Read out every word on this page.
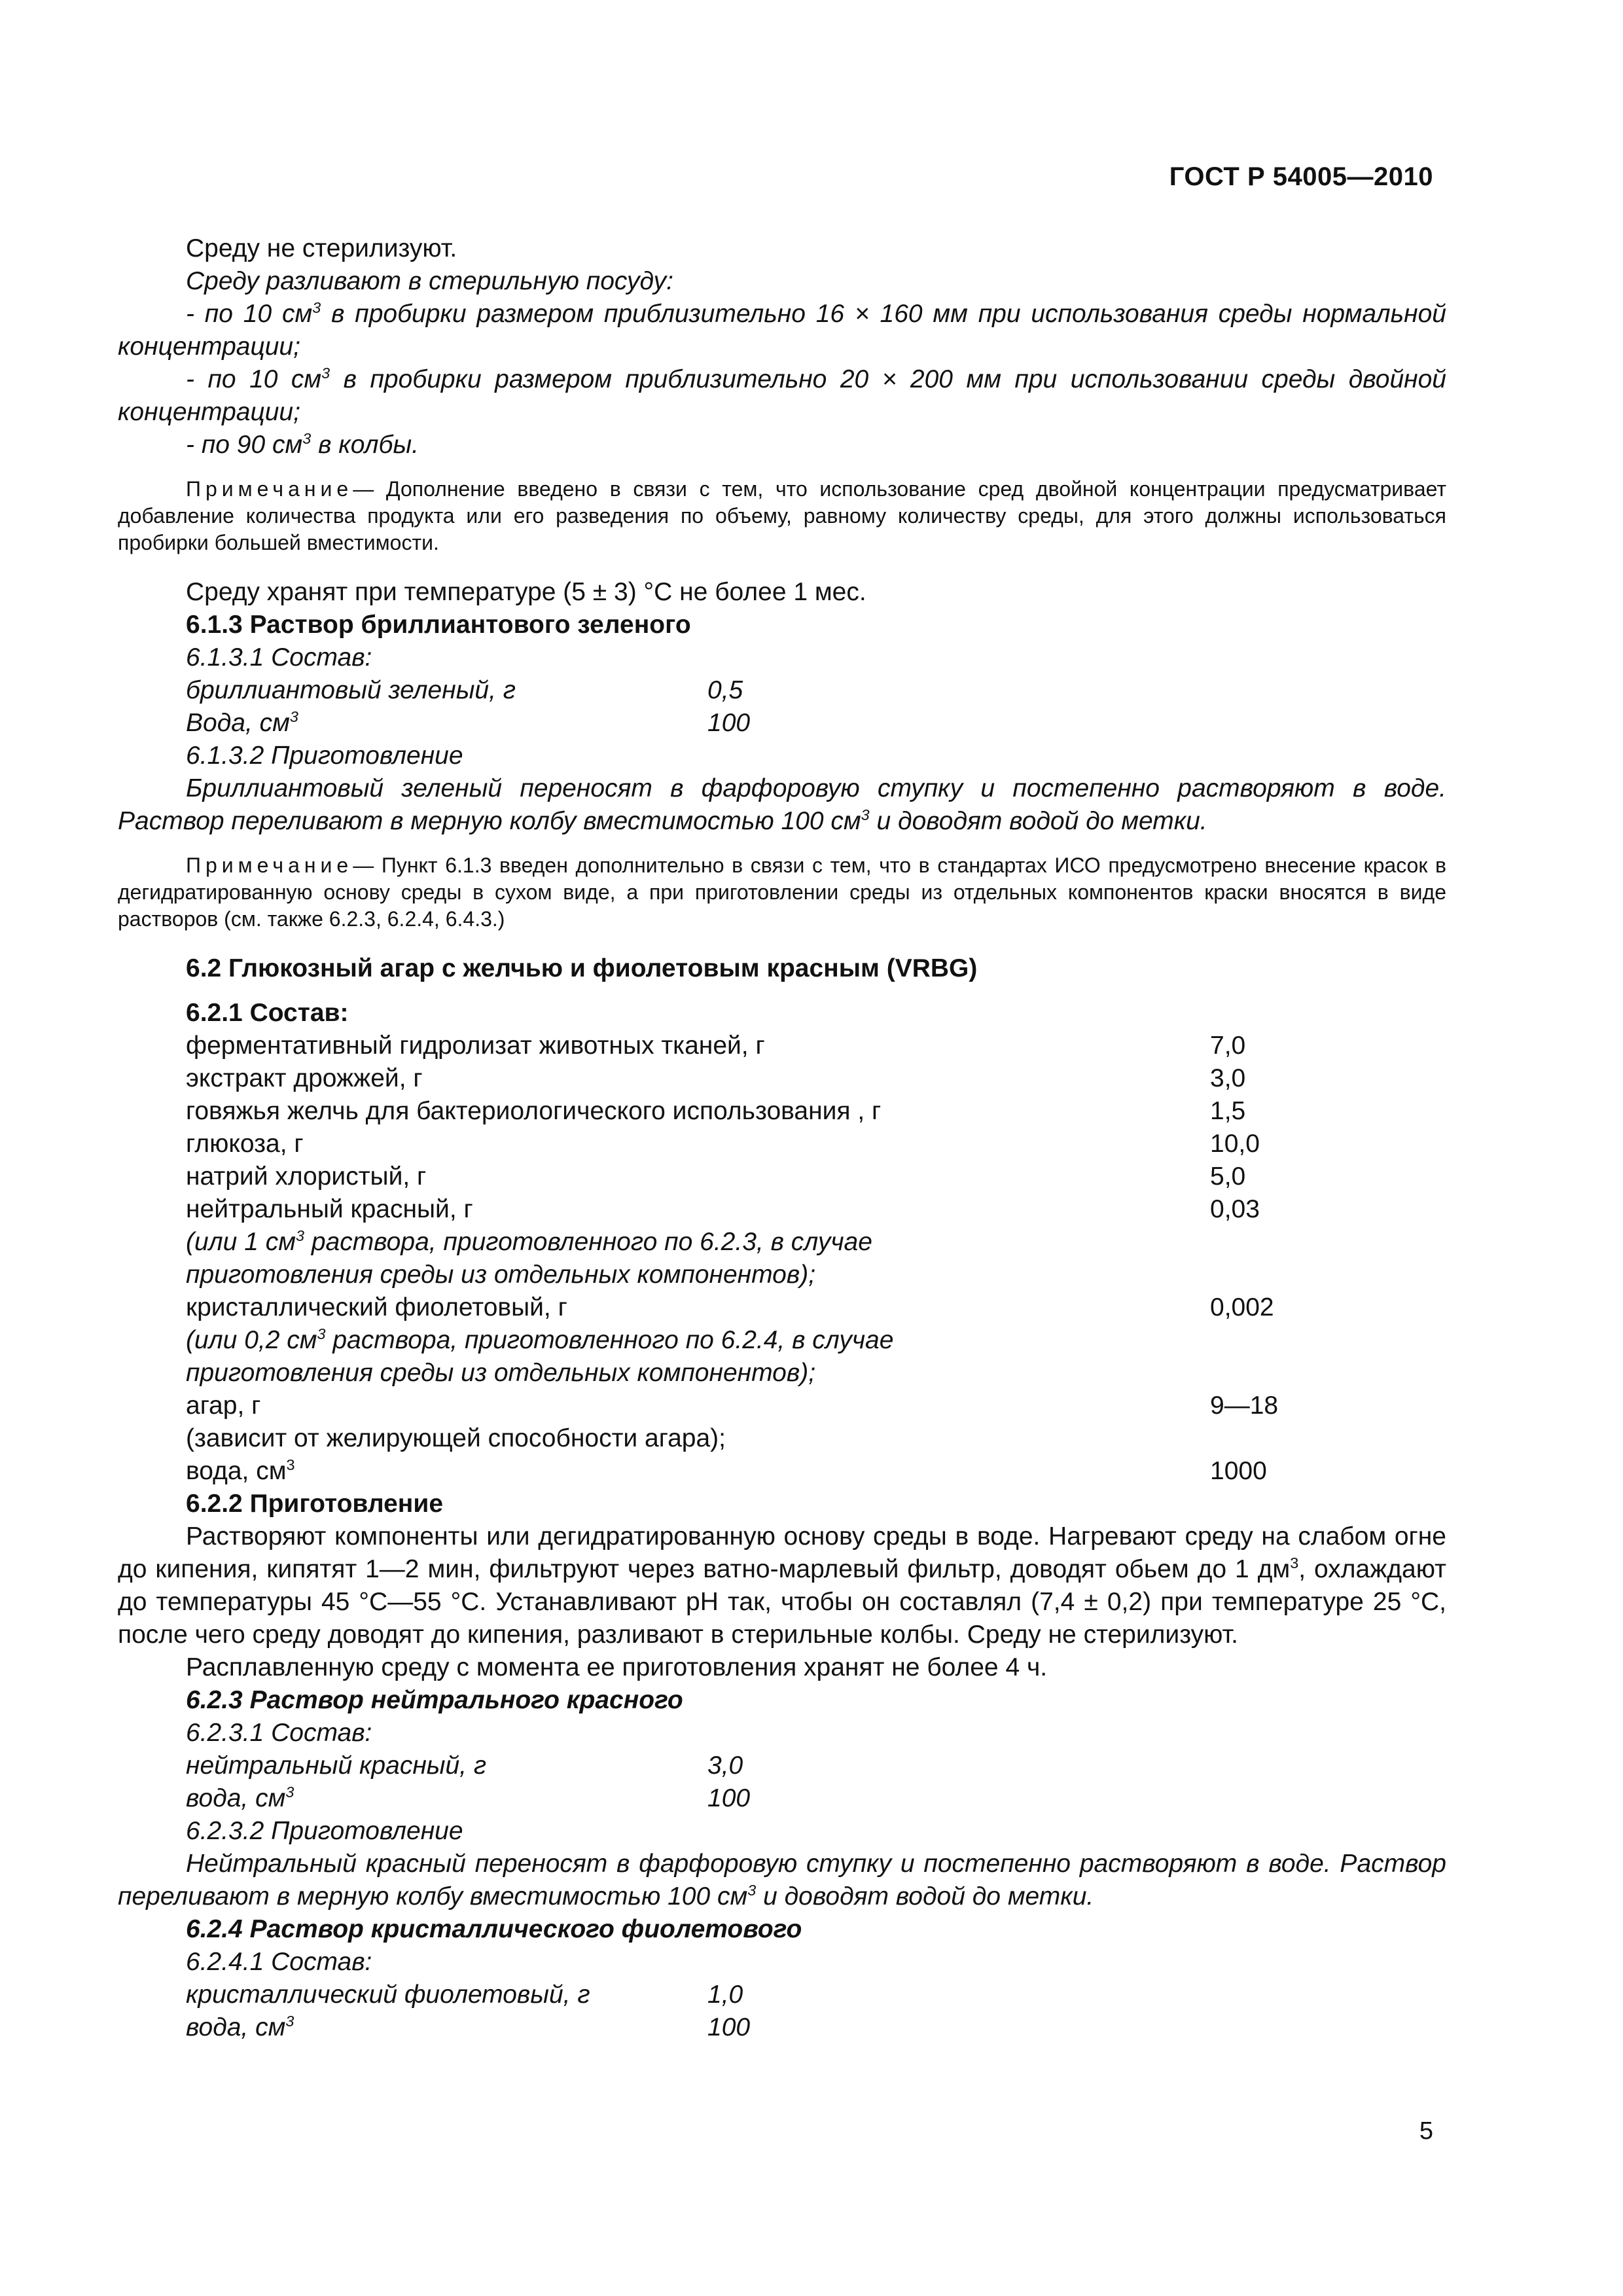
ГОСТ Р 54005—2010

Среду не стерилизуют.

Среду разливают в стерильную посуду:

- по 10 $см^3$ в пробирки размером приблизительно 16 × 160 мм при использования среды нормальной концентрации;

- по 10 $см^3$ в пробирки размером приблизительно 20 × 200 мм при использовании среды двойной концентрации;

- по 90 $см^3$ в колбы.

Примечание— Дополнение введено в связи с тем, что использование сред двойной концентрации предусматривает добавление количества продукта или его разведения по объему, равному количеству среды, для этого должны использоваться пробирки большей вместимости.

Среду хранят при температуре (5 ± 3) °С не более 1 мес.

6.1.3 Раствор бриллиантового зеленого

6.1.3.1 Состав:

бриллиантовый зеленый, г	0,5
Вода, $см^3$	100

6.1.3.2 Приготовление

Бриллиантовый зеленый переносят в фарфоровую ступку и постепенно растворяют в воде. Раствор переливают в мерную колбу вместимостью 100 $см^3$ и доводят водой до метки.

Примечание— Пункт 6.1.3 введен дополнительно в связи с тем, что в стандартах ИСО предусмотрено внесение красок в дегидратированную основу среды в сухом виде, а при приготовлении среды из отдельных компонентов краски вносятся в виде растворов (см. также 6.2.3, 6.2.4, 6.4.3.)

6.2 Глюкозный агар с желчью и фиолетовым красным (VRBG)

6.2.1 Состав:

ферментативный гидролизат животных тканей, г	7,0
экстракт дрожжей, г	3,0
говяжья желчь для бактериологического использования , г	1,5
глюкоза, г	10,0
натрий хлористый, г	5,0
нейтральный красный, г	0,03
(или 1 $см^3$ раствора, приготовленного по 6.2.3, в случае
приготовления среды из отдельных компонентов);
кристаллический фиолетовый, г	0,002
(или 0,2 $см^3$ раствора, приготовленного по 6.2.4, в случае
приготовления среды из отдельных компонентов);
агар, г	9—18
(зависит от желирующей способности агара);
вода, $см^3$	1000

6.2.2 Приготовление

Растворяют компоненты или дегидратированную основу среды в воде. Нагревают среду на слабом огне до кипения, кипятят 1—2 мин, фильтруют через ватно-марлевый фильтр, доводят обьем до 1 $дм^3$, охлаждают до температуры 45 °С—55 °С. Устанавливают pH так, чтобы он составлял (7,4 ± 0,2) при температуре 25 °С, после чего среду доводят до кипения, разливают в стерильные колбы. Среду не стерилизуют.

Расплавленную среду с момента ее приготовления хранят не более 4 ч.

6.2.3 Раствор нейтрального красного

6.2.3.1 Состав:

нейтральный красный, г	3,0
вода, $см^3$	100

6.2.3.2 Приготовление

Нейтральный красный переносят в фарфоровую ступку и постепенно растворяют в воде. Раствор переливают в мерную колбу вместимостью 100 $см^3$ и доводят водой до метки.

6.2.4 Раствор кристаллического фиолетового

6.2.4.1 Состав:

кристаллический фиолетовый, г	1,0
вода, $см^3$	100
5
